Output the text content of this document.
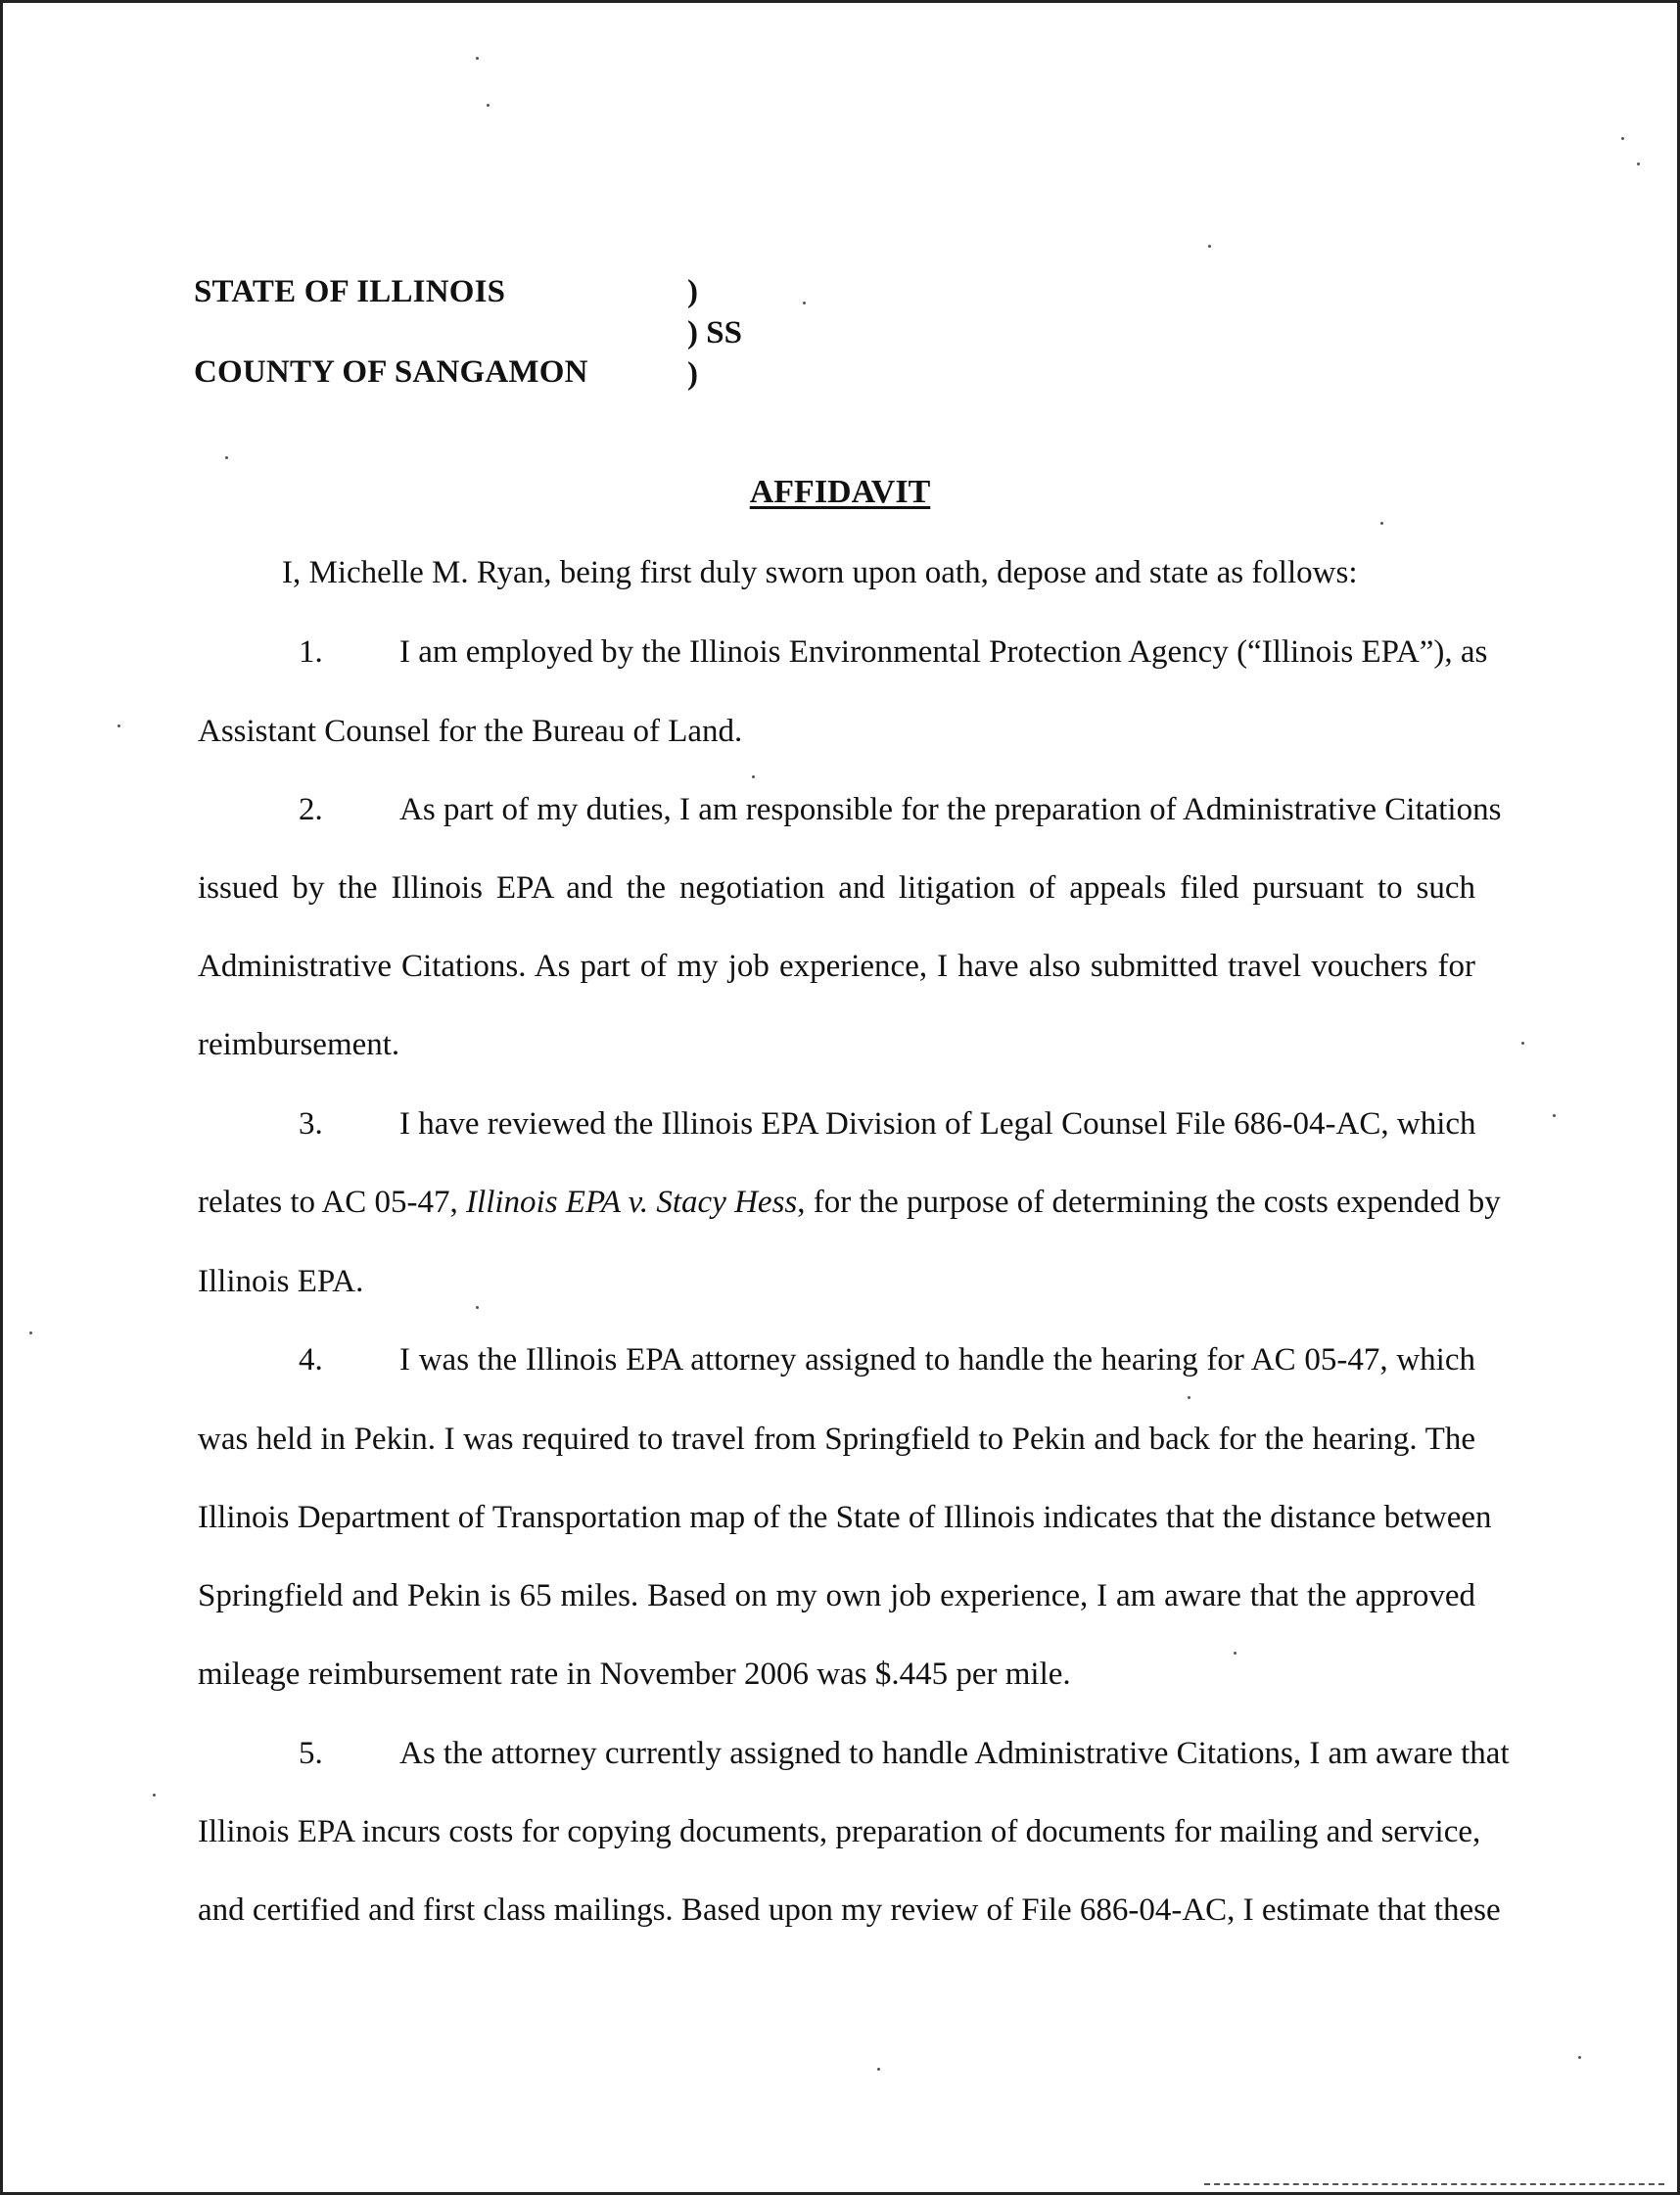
STATE OF ILLINOIS
COUNTY OF SANGAMON
)
) SS
)
AFFIDAVIT
I, Michelle M. Ryan, being first duly sworn upon oath, depose and state as follows:
1. I am employed by the Illinois Environmental Protection Agency (“Illinois EPA”), as
Assistant Counsel for the Bureau of Land.
2. As part of my duties, I am responsible for the preparation of Administrative Citations
issued by the Illinois EPA and the negotiation and litigation of appeals filed pursuant to such
Administrative Citations. As part of my job experience, I have also submitted travel vouchers for
reimbursement.
3. I have reviewed the Illinois EPA Division of Legal Counsel File 686-04-AC, which
relates to AC 05-47, Illinois EPA v. Stacy Hess, for the purpose of determining the costs expended by
Illinois EPA.
4. I was the Illinois EPA attorney assigned to handle the hearing for AC 05-47, which
was held in Pekin. I was required to travel from Springfield to Pekin and back for the hearing. The
Illinois Department of Transportation map of the State of Illinois indicates that the distance between
Springfield and Pekin is 65 miles. Based on my own job experience, I am aware that the approved
mileage reimbursement rate in November 2006 was $.445 per mile.
5. As the attorney currently assigned to handle Administrative Citations, I am aware that
Illinois EPA incurs costs for copying documents, preparation of documents for mailing and service,
and certified and first class mailings. Based upon my review of File 686-04-AC, I estimate that these
